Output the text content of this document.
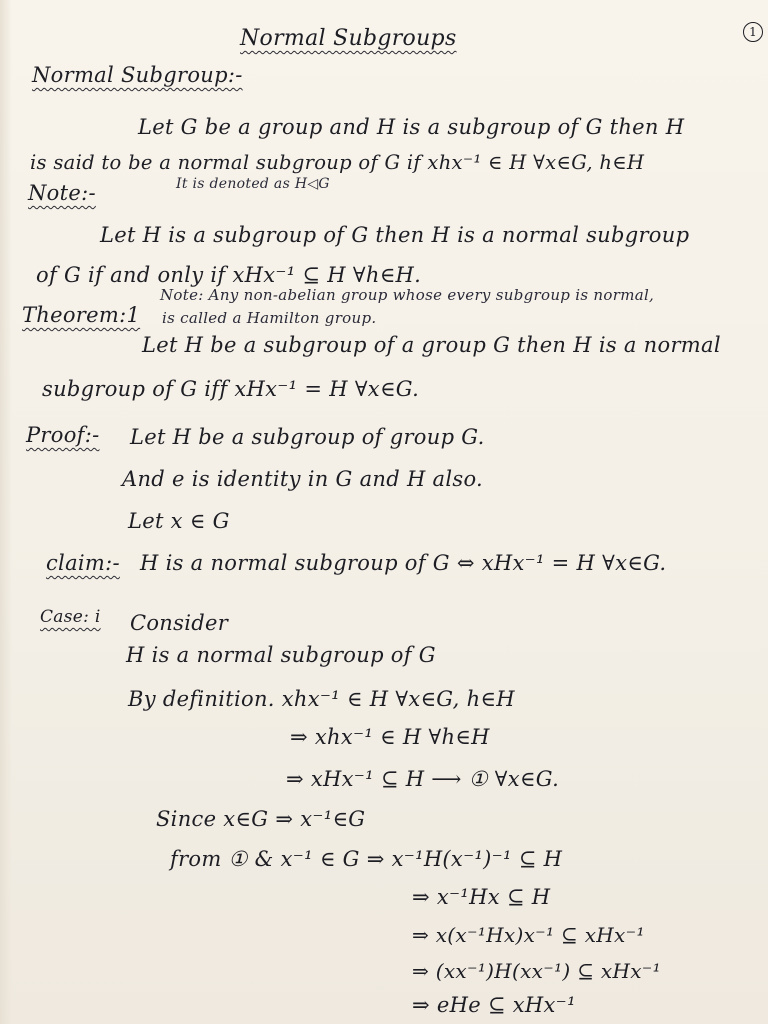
1
Normal Subgroups
Normal Subgroup:-
Let G be a group and H is a subgroup of G then H
is said to be a normal subgroup of G if xhx⁻¹ ∈ H ∀x∈G, h∈H
It is denoted as H◁G
Note:-
Let H is a subgroup of G then H is a normal subgroup
of G if and only if xHx⁻¹ ⊆ H ∀h∈H.
Note: Any non-abelian group whose every subgroup is normal,
is called a Hamilton group.
Theorem:1
Let H be a subgroup of a group G then H is a normal
subgroup of G iff xHx⁻¹ = H ∀x∈G.
Proof:- Let H be a subgroup of group G.
And e is identity in G and H also.
Let x ∈ G
claim:- H is a normal subgroup of G ⇔ xHx⁻¹ = H ∀x∈G.
Case: i Consider
H is a normal subgroup of G
By definition. xhx⁻¹ ∈ H ∀x∈G, h∈H
⇒ xhx⁻¹ ∈ H ∀h∈H
⇒ xHx⁻¹ ⊆ H ⟶ ① ∀x∈G.
Since x∈G ⇒ x⁻¹∈G
from ① & x⁻¹ ∈ G ⇒ x⁻¹H(x⁻¹)⁻¹ ⊆ H
⇒ x⁻¹Hx ⊆ H
⇒ x(x⁻¹Hx)x⁻¹ ⊆ xHx⁻¹
⇒ (xx⁻¹)H(xx⁻¹) ⊆ xHx⁻¹
⇒ eHe ⊆ xHx⁻¹
